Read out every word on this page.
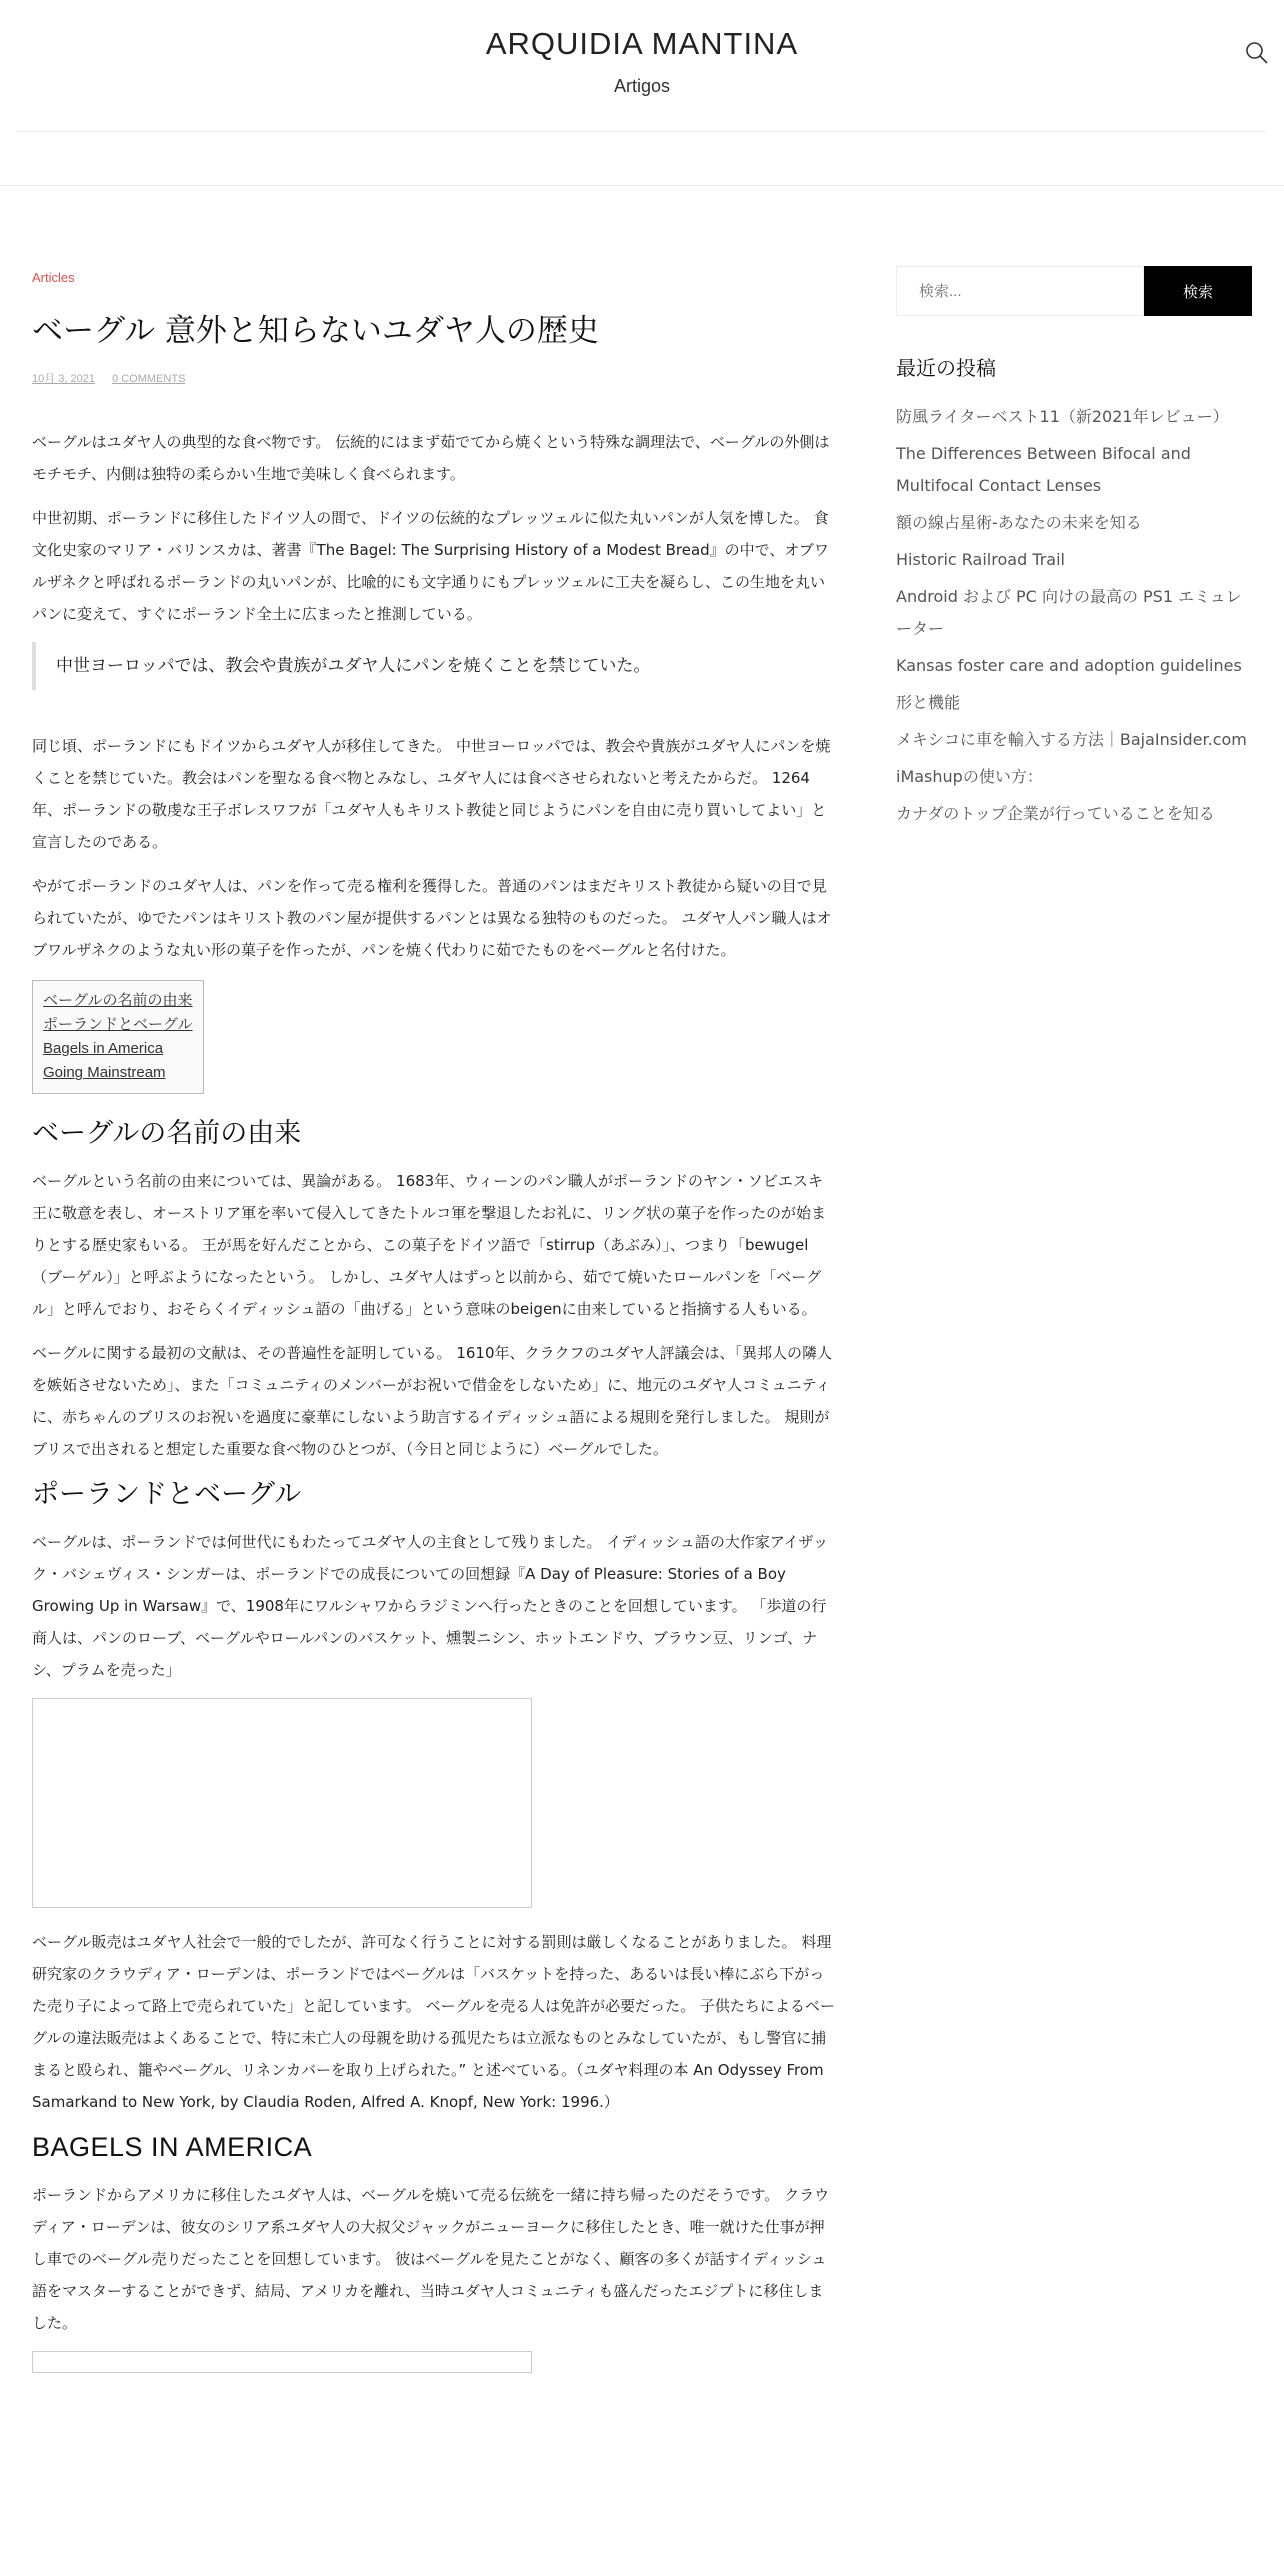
ARQUIDIA MANTINA
Artigos
Articles
ベーグル 意外と知らないユダヤ人の歴史
10月 3, 2021 0 COMMENTS

ベーグルはユダヤ人の典型的な食べ物です。 伝統的にはまず茹でてから焼くという特殊な調理法で、ベーグルの外側はモチモチ、内側は独特の柔らかい生地で美味しく食べられます。

中世初期、ポーランドに移住したドイツ人の間で、ドイツの伝統的なプレッツェルに似た丸いパンが人気を博した。 食文化史家のマリア・バリンスカは、著書『The Bagel: The Surprising History of a Modest Bread』の中で、オブワルザネクと呼ばれるポーランドの丸いパンが、比喩的にも文字通りにもプレッツェルに工夫を凝らし、この生地を丸いパンに変えて、すぐにポーランド全土に広まったと推測している。

中世ヨーロッパでは、教会や貴族がユダヤ人にパンを焼くことを禁じていた。

同じ頃、ポーランドにもドイツからユダヤ人が移住してきた。 中世ヨーロッパでは、教会や貴族がユダヤ人にパンを焼くことを禁じていた。教会はパンを聖なる食べ物とみなし、ユダヤ人には食べさせられないと考えたからだ。 1264年、ポーランドの敬虔な王子ボレスワフが「ユダヤ人もキリスト教徒と同じようにパンを自由に売り買いしてよい」と宣言したのである。

やがてポーランドのユダヤ人は、パンを作って売る権利を獲得した。普通のパンはまだキリスト教徒から疑いの目で見られていたが、ゆでたパンはキリスト教のパン屋が提供するパンとは異なる独特のものだった。 ユダヤ人パン職人はオブワルザネクのような丸い形の菓子を作ったが、パンを焼く代わりに茹でたものをベーグルと名付けた。

ベーグルの名前の由来
ポーランドとベーグル
Bagels in America
Going Mainstream
ベーグルの名前の由来

ベーグルという名前の由来については、異論がある。 1683年、ウィーンのパン職人がポーランドのヤン・ソビエスキ王に敬意を表し、オーストリア軍を率いて侵入してきたトルコ軍を撃退したお礼に、リング状の菓子を作ったのが始まりとする歴史家もいる。 王が馬を好んだことから、この菓子をドイツ語で「stirrup（あぶみ）」、つまり「bewugel（ブーゲル）」と呼ぶようになったという。 しかし、ユダヤ人はずっと以前から、茹でて焼いたロールパンを「ベーグル」と呼んでおり、おそらくイディッシュ語の「曲げる」という意味のbeigenに由来していると指摘する人もいる。

ベーグルに関する最初の文献は、その普遍性を証明している。 1610年、クラクフのユダヤ人評議会は、「異邦人の隣人を嫉妬させないため」、また「コミュニティのメンバーがお祝いで借金をしないため」に、地元のユダヤ人コミュニティに、赤ちゃんのブリスのお祝いを過度に豪華にしないよう助言するイディッシュ語による規則を発行しました。 規則がブリスで出されると想定した重要な食べ物のひとつが、（今日と同じように）ベーグルでした。

ポーランドとベーグル

ベーグルは、ポーランドでは何世代にもわたってユダヤ人の主食として残りました。 イディッシュ語の大作家アイザック・バシェヴィス・シンガーは、ポーランドでの成長についての回想録『A Day of Pleasure: Stories of a Boy Growing Up in Warsaw』で、1908年にワルシャワからラジミンへ行ったときのことを回想しています。 「歩道の行商人は、パンのローブ、ベーグルやロールパンのバスケット、燻製ニシン、ホットエンドウ、ブラウン豆、リンゴ、ナシ、プラムを売った」

ベーグル販売はユダヤ人社会で一般的でしたが、許可なく行うことに対する罰則は厳しくなることがありました。 料理研究家のクラウディア・ローデンは、ポーランドではベーグルは「バスケットを持った、あるいは長い棒にぶら下がった売り子によって路上で売られていた」と記しています。 ベーグルを売る人は免許が必要だった。 子供たちによるベーグルの違法販売はよくあることで、特に未亡人の母親を助ける孤児たちは立派なものとみなしていたが、もし警官に捕まると殴られ、籠やベーグル、リネンカバーを取り上げられた。” と述べている。（ユダヤ料理の本 An Odyssey From Samarkand to New York, by Claudia Roden, Alfred A. Knopf, New York: 1996.）

BAGELS IN AMERICA

ポーランドからアメリカに移住したユダヤ人は、ベーグルを焼いて売る伝統を一緒に持ち帰ったのだそうです。 クラウディア・ローデンは、彼女のシリア系ユダヤ人の大叔父ジャックがニューヨークに移住したとき、唯一就けた仕事が押し車でのベーグル売りだったことを回想しています。 彼はベーグルを見たことがなく、顧客の多くが話すイディッシュ語をマスターすることができず、結局、アメリカを離れ、当時ユダヤ人コミュニティも盛んだったエジプトに移住しました。

検索...
検索
最近の投稿
防風ライターベスト11（新2021年レビュー）
The Differences Between Bifocal and Multifocal Contact Lenses
額の線占星術-あなたの未来を知る
Historic Railroad Trail
Android および PC 向けの最高の PS1 エミュレーター
Kansas foster care and adoption guidelines
形と機能
メキシコに車を輸入する方法｜BajaInsider.com
iMashupの使い方：
カナダのトップ企業が行っていることを知る
